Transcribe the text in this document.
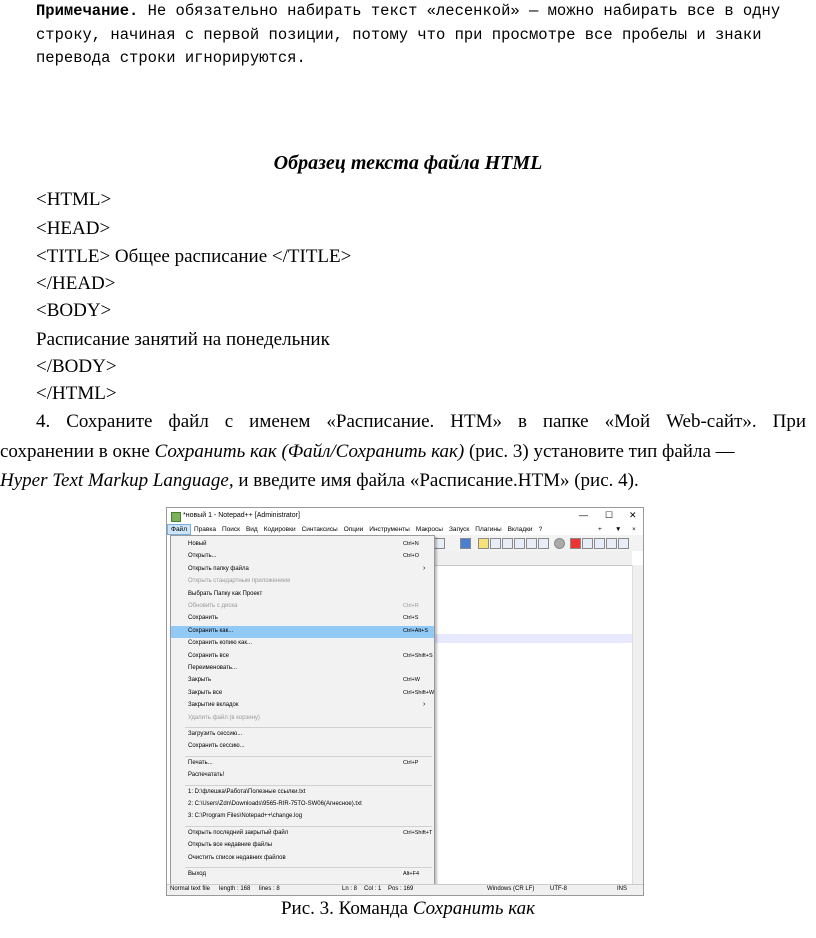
Примечание. Не обязательно набирать текст «лесенкой» — можно набирать все в одну строку, начиная с первой позиции, потому что при просмотре все пробелы и знаки перевода строки игнорируются.
Образец текста файла HTML
<HTML>
<HEAD>
<TITLE> Общее расписание </TITLE>
</HEAD>
<BODY>
Расписание занятий на понедельник
</BODY>
</HTML>
4. Сохраните файл с именем «Расписание. HTM» в папке «Мой Web-сайт». При
сохранении в окне Сохранить как (Файл/Сохранить как) (рис. 3) установите тип файла —
Hyper Text Markup Language, и введите имя файла «Расписание.HTM» (рис. 4).
*новый 1 - Notepad++ [Administrator]	— ☐ ✕
Файл Правка Поиск Вид Кодировки Синтаксисы Опции Инструменты Макросы Запуск Плагины Вкладки ?	+	▼	×
Новый	Ctrl+N
Открыть...	Ctrl+O
Открыть папку файла	›
Открыть стандартным приложением
Выбрать Папку как Проект
Обновить с диска	Ctrl+R
Сохранить	Ctrl+S
Сохранить как...	Ctrl+Alt+S
Сохранить копию как...
Сохранить все	Ctrl+Shift+S
Переименовать...
Закрыть	Ctrl+W
Закрыть все	Ctrl+Shift+W
Закрытие вкладок	›
Удалить файл (в корзину)
Загрузить сессию...
Сохранить сессию...
Печать...	Ctrl+P
Распечатать!
1: D:\флешка\Работа\Полезные ссылки.txt
2: C:\Users\Zdn\Downloads\9565-RIR-75TO-SW06(Агнесное).txt
3: C:\Program Files\Notepad++\change.log
Открыть последний закрытый файл	Ctrl+Shift+T
Открыть все недавние файлы
Очистить список недавних файлов
Выход	Alt+F4
Normal text file length : 168 lines : 8	Ln : 8 Col : 1 Pos : 169	Windows (CR LF)	UTF-8	INS
Рис. 3. Команда Сохранить как
